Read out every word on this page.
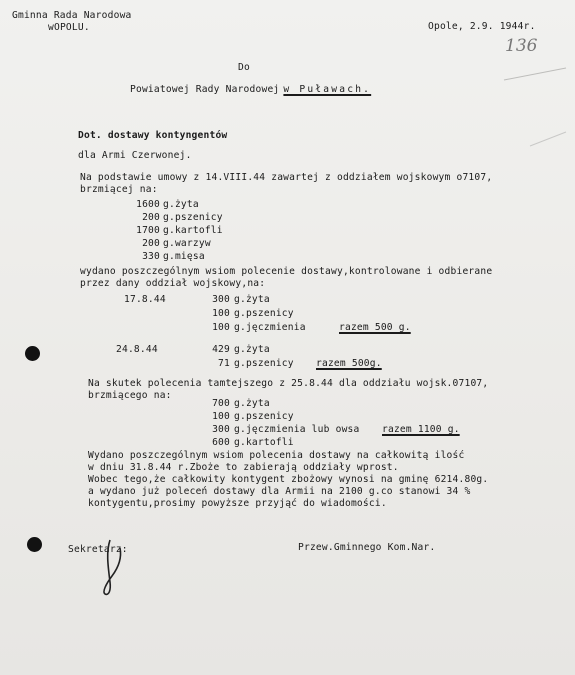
Gminna Rada Narodowa
wOPOLU.	Opole, 2.9. 1944r.
136
Do
Powiatowej Rady Narodowej w Puławach.
Dot. dostawy kontyngentów
dla Armi Czerwonej.
Na podstawie umowy z 14.VIII.44 zawartej z oddziałem wojskowym o7107,
brzmiącej na:
1600 g.żyta
200 g.pszenicy
1700 g.kartofli
200 g.warzyw
330 g.mięsa
wydano poszczególnym wsiom polecenie dostawy,kontrolowane i odbierane
przez dany oddział wojskowy,na:
17.8.44	300 g.żyta
100 g.pszenicy
100 g.jęczmienia	razem 500 g.
24.8.44	429 g.żyta
71 g.pszenicy razem 500g.
Na skutek polecenia tamtejszego z 25.8.44 dla oddziału wojsk.07107,
brzmiącego na:
700 g.żyta
100 g.pszenicy
300 g.jęczmienia lub owsa razem 1100 g.
600 g.kartofli
Wydano poszczególnym wsiom polecenia dostawy na całkowitą ilość
w dniu 31.8.44 r.Zboże to zabierają oddziały wprost.
Wobec tego,że całkowity kontygent zbożowy wynosi na gminę 6214.80g.
a wydano już poleceń dostawy dla Armii na 2100 g.co stanowi 34 %
kontygentu,prosimy powyższe przyjąć do wiadomości.
Sekretarz:	Przew.Gminnego Kom.Nar.
